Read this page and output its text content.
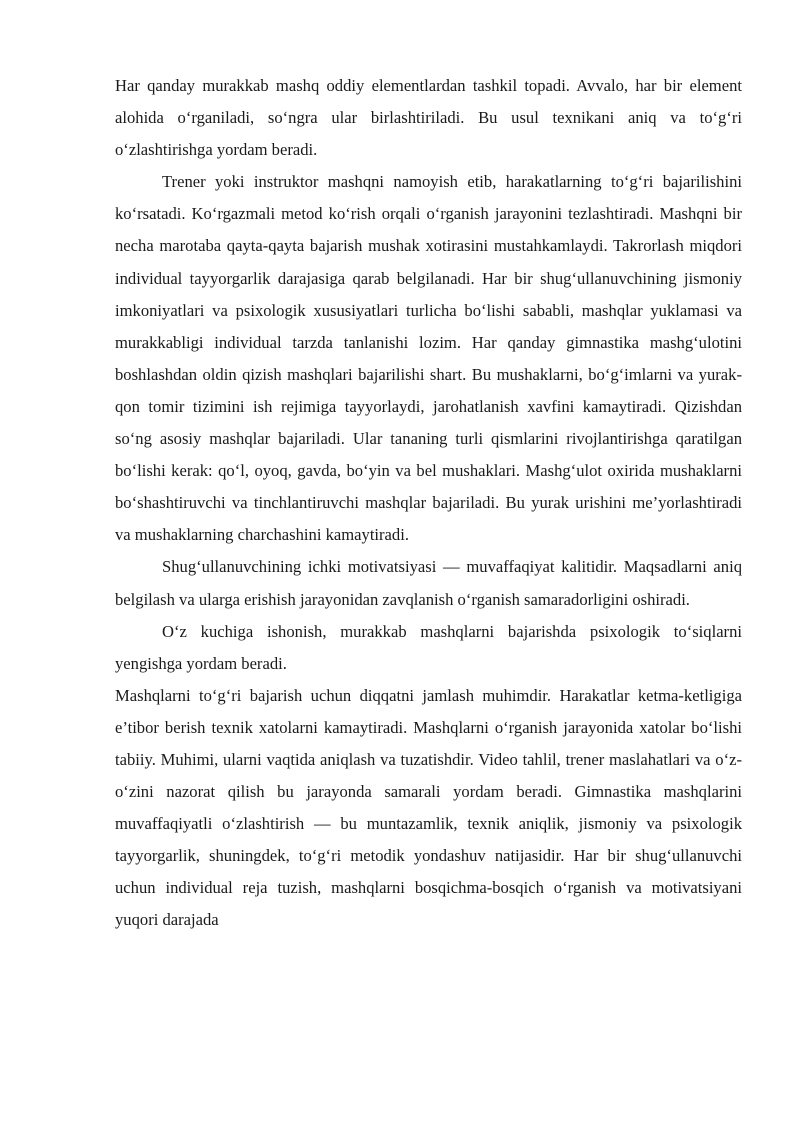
Har qanday murakkab mashq oddiy elementlardan tashkil topadi. Avvalo, har bir element alohida o‘rganiladi, so‘ngra ular birlashtiriladi. Bu usul texnikani aniq va to‘g‘ri o‘zlashtirishga yordam beradi.

Trener yoki instruktor mashqni namoyish etib, harakatlarning to‘g‘ri bajarilishini ko‘rsatadi. Ko‘rgazmali metod ko‘rish orqali o‘rganish jarayonini tezlashtiradi. Mashqni bir necha marotaba qayta-qayta bajarish mushak xotirasini mustahkamlaydi. Takrorlash miqdori individual tayyorgarlik darajasiga qarab belgilanadi. Har bir shug‘ullanuvchining jismoniy imkoniyatlari va psixologik xususiyatlari turlicha bo‘lishi sababli, mashqlar yuklamasi va murakkabligi individual tarzda tanlanishi lozim. Har qanday gimnastika mashg‘ulotini boshlashdan oldin qizish mashqlari bajarilishi shart. Bu mushaklarni, bo‘g‘imlarni va yurak-qon tomir tizimini ish rejimiga tayyorlaydi, jarohatlanish xavfini kamaytiradi. Qizishdan so‘ng asosiy mashqlar bajariladi. Ular tananing turli qismlarini rivojlantirishga qaratilgan bo‘lishi kerak: qo‘l, oyoq, gavda, bo‘yin va bel mushaklari. Mashg‘ulot oxirida mushaklarni bo‘shashtiruvchi va tinchlantiruvchi mashqlar bajariladi. Bu yurak urishini me’yorlashtiradi va mushaklarning charchashini kamaytiradi.

Shug‘ullanuvchining ichki motivatsiyasi — muvaffaqiyat kalitidir. Maqsadlarni aniq belgilash va ularga erishish jarayonidan zavqlanish o‘rganish samaradorligini oshiradi.

O‘z kuchiga ishonish, murakkab mashqlarni bajarishda psixologik to‘siqlarni yengishga yordam beradi.

Mashqlarni to‘g‘ri bajarish uchun diqqatni jamlash muhimdir. Harakatlar ketma-ketligiga e’tibor berish texnik xatolarni kamaytiradi. Mashqlarni o‘rganish jarayonida xatolar bo‘lishi tabiiy. Muhimi, ularni vaqtida aniqlash va tuzatishdir. Video tahlil, trener maslahatlari va o‘z-o‘zini nazorat qilish bu jarayonda samarali yordam beradi. Gimnastika mashqlarini muvaffaqiyatli o‘zlashtirish — bu muntazamlik, texnik aniqlik, jismoniy va psixologik tayyorgarlik, shuningdek, to‘g‘ri metodik yondashuv natijasidir. Har bir shug‘ullanuvchi uchun individual reja tuzish, mashqlarni bosqichma-bosqich o‘rganish va motivatsiyani yuqori darajada
